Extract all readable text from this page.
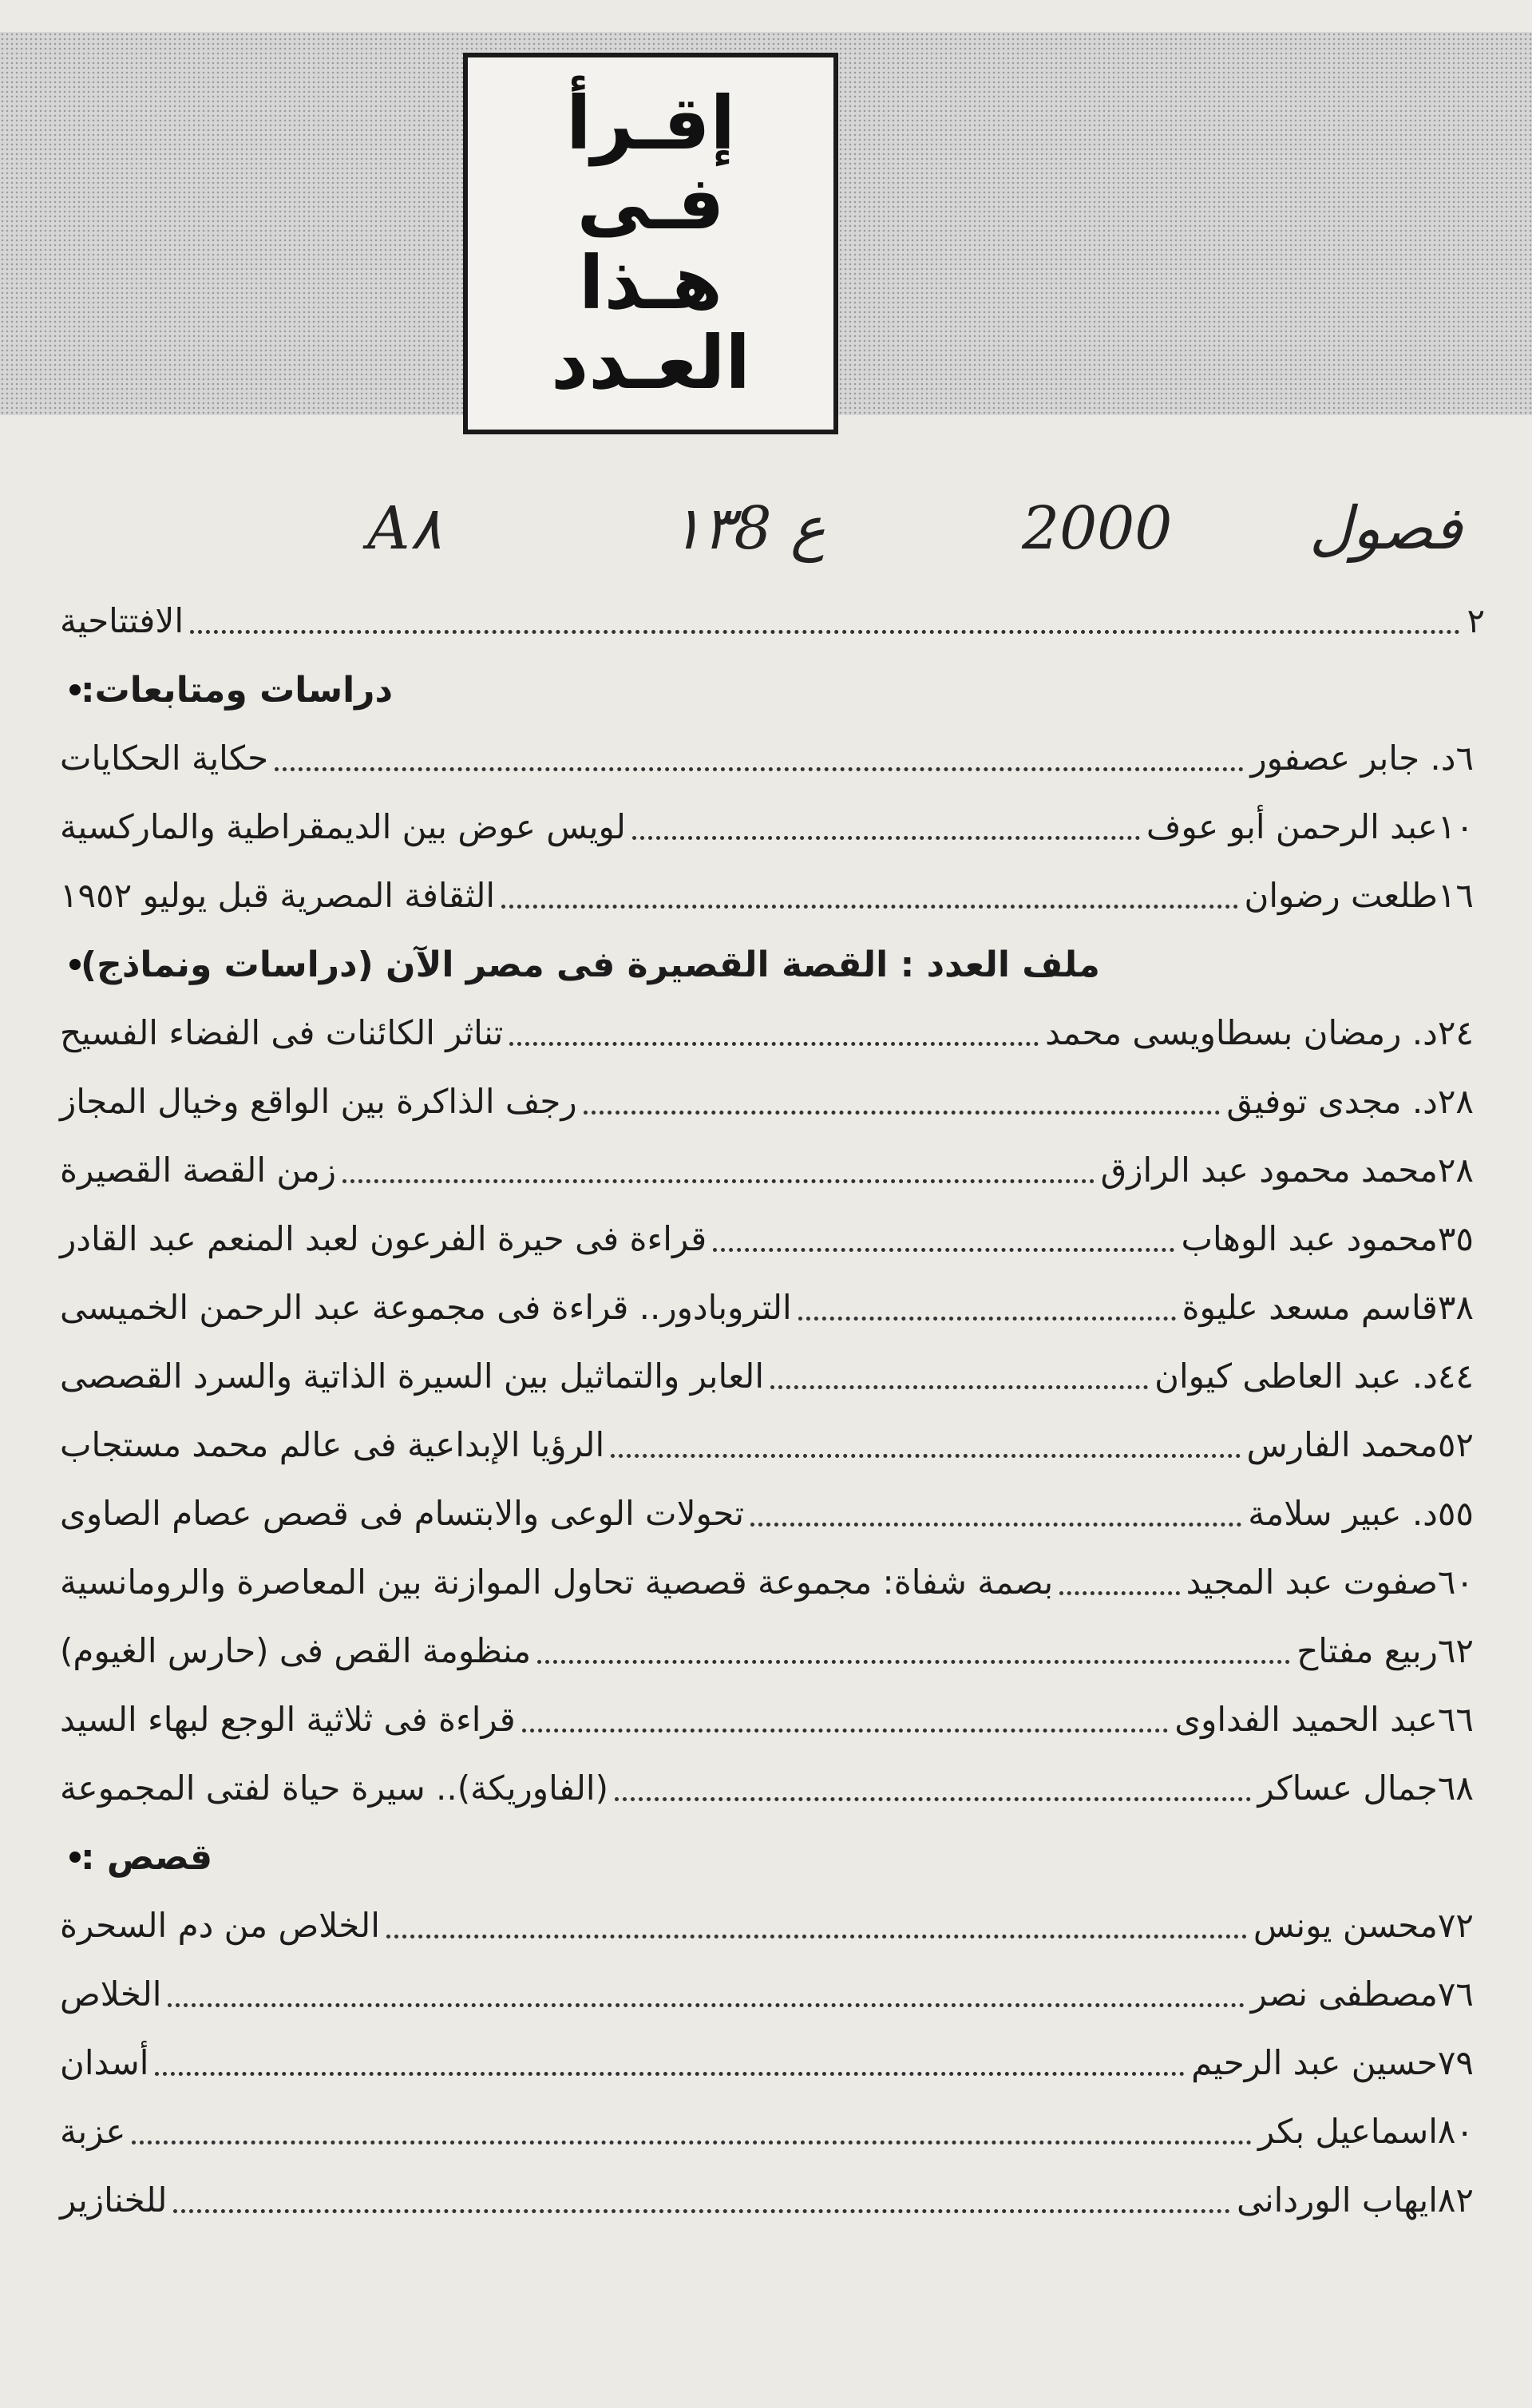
إقـرأ
فـى
هـذا
العـدد
A٨	١٣8 ع	2000 فصول
الافتتاحية	٢
دراسات ومتابعات:
حكاية الحكايات	د. جابر عصفور ٦
لويس عوض بين الديمقراطية والماركسية	عبد الرحمن أبو عوف ١٠
الثقافة المصرية قبل يوليو ١٩٥٢	طلعت رضوان ١٦
ملف العدد : القصة القصيرة فى مصر الآن (دراسات ونماذج)
تناثر الكائنات فى الفضاء الفسيح	د. رمضان بسطاويسى محمد ٢٤
رجف الذاكرة بين الواقع وخيال المجاز	د. مجدى توفيق ٢٨
زمن القصة القصيرة	محمد محمود عبد الرازق ٢٨
قراءة فى حيرة الفرعون لعبد المنعم عبد القادر	محمود عبد الوهاب ٣٥
التروبادور.. قراءة فى مجموعة عبد الرحمن الخميسى	قاسم مسعد عليوة ٣٨
العابر والتماثيل بين السيرة الذاتية والسرد القصصى	د. عبد العاطى كيوان ٤٤
الرؤيا الإبداعية فى عالم محمد مستجاب	محمد الفارس ٥٢
تحولات الوعى والابتسام فى قصص عصام الصاوى	د. عبير سلامة ٥٥
بصمة شفاة: مجموعة قصصية تحاول الموازنة بين المعاصرة والرومانسية	صفوت عبد المجيد ٦٠
منظومة القص فى (حارس الغيوم)	ربيع مفتاح ٦٢
قراءة فى ثلاثية الوجع لبهاء السيد	عبد الحميد الفداوى ٦٦
(الفاوريكة).. سيرة حياة لفتى المجموعة	جمال عساكر ٦٨
قصص :
الخلاص من دم السحرة	محسن يونس ٧٢
الخلاص	مصطفى نصر ٧٦
أسدان	حسين عبد الرحيم ٧٩
عزبة	اسماعيل بكر ٨٠
للخنازير	ايهاب الوردانى ٨٢
